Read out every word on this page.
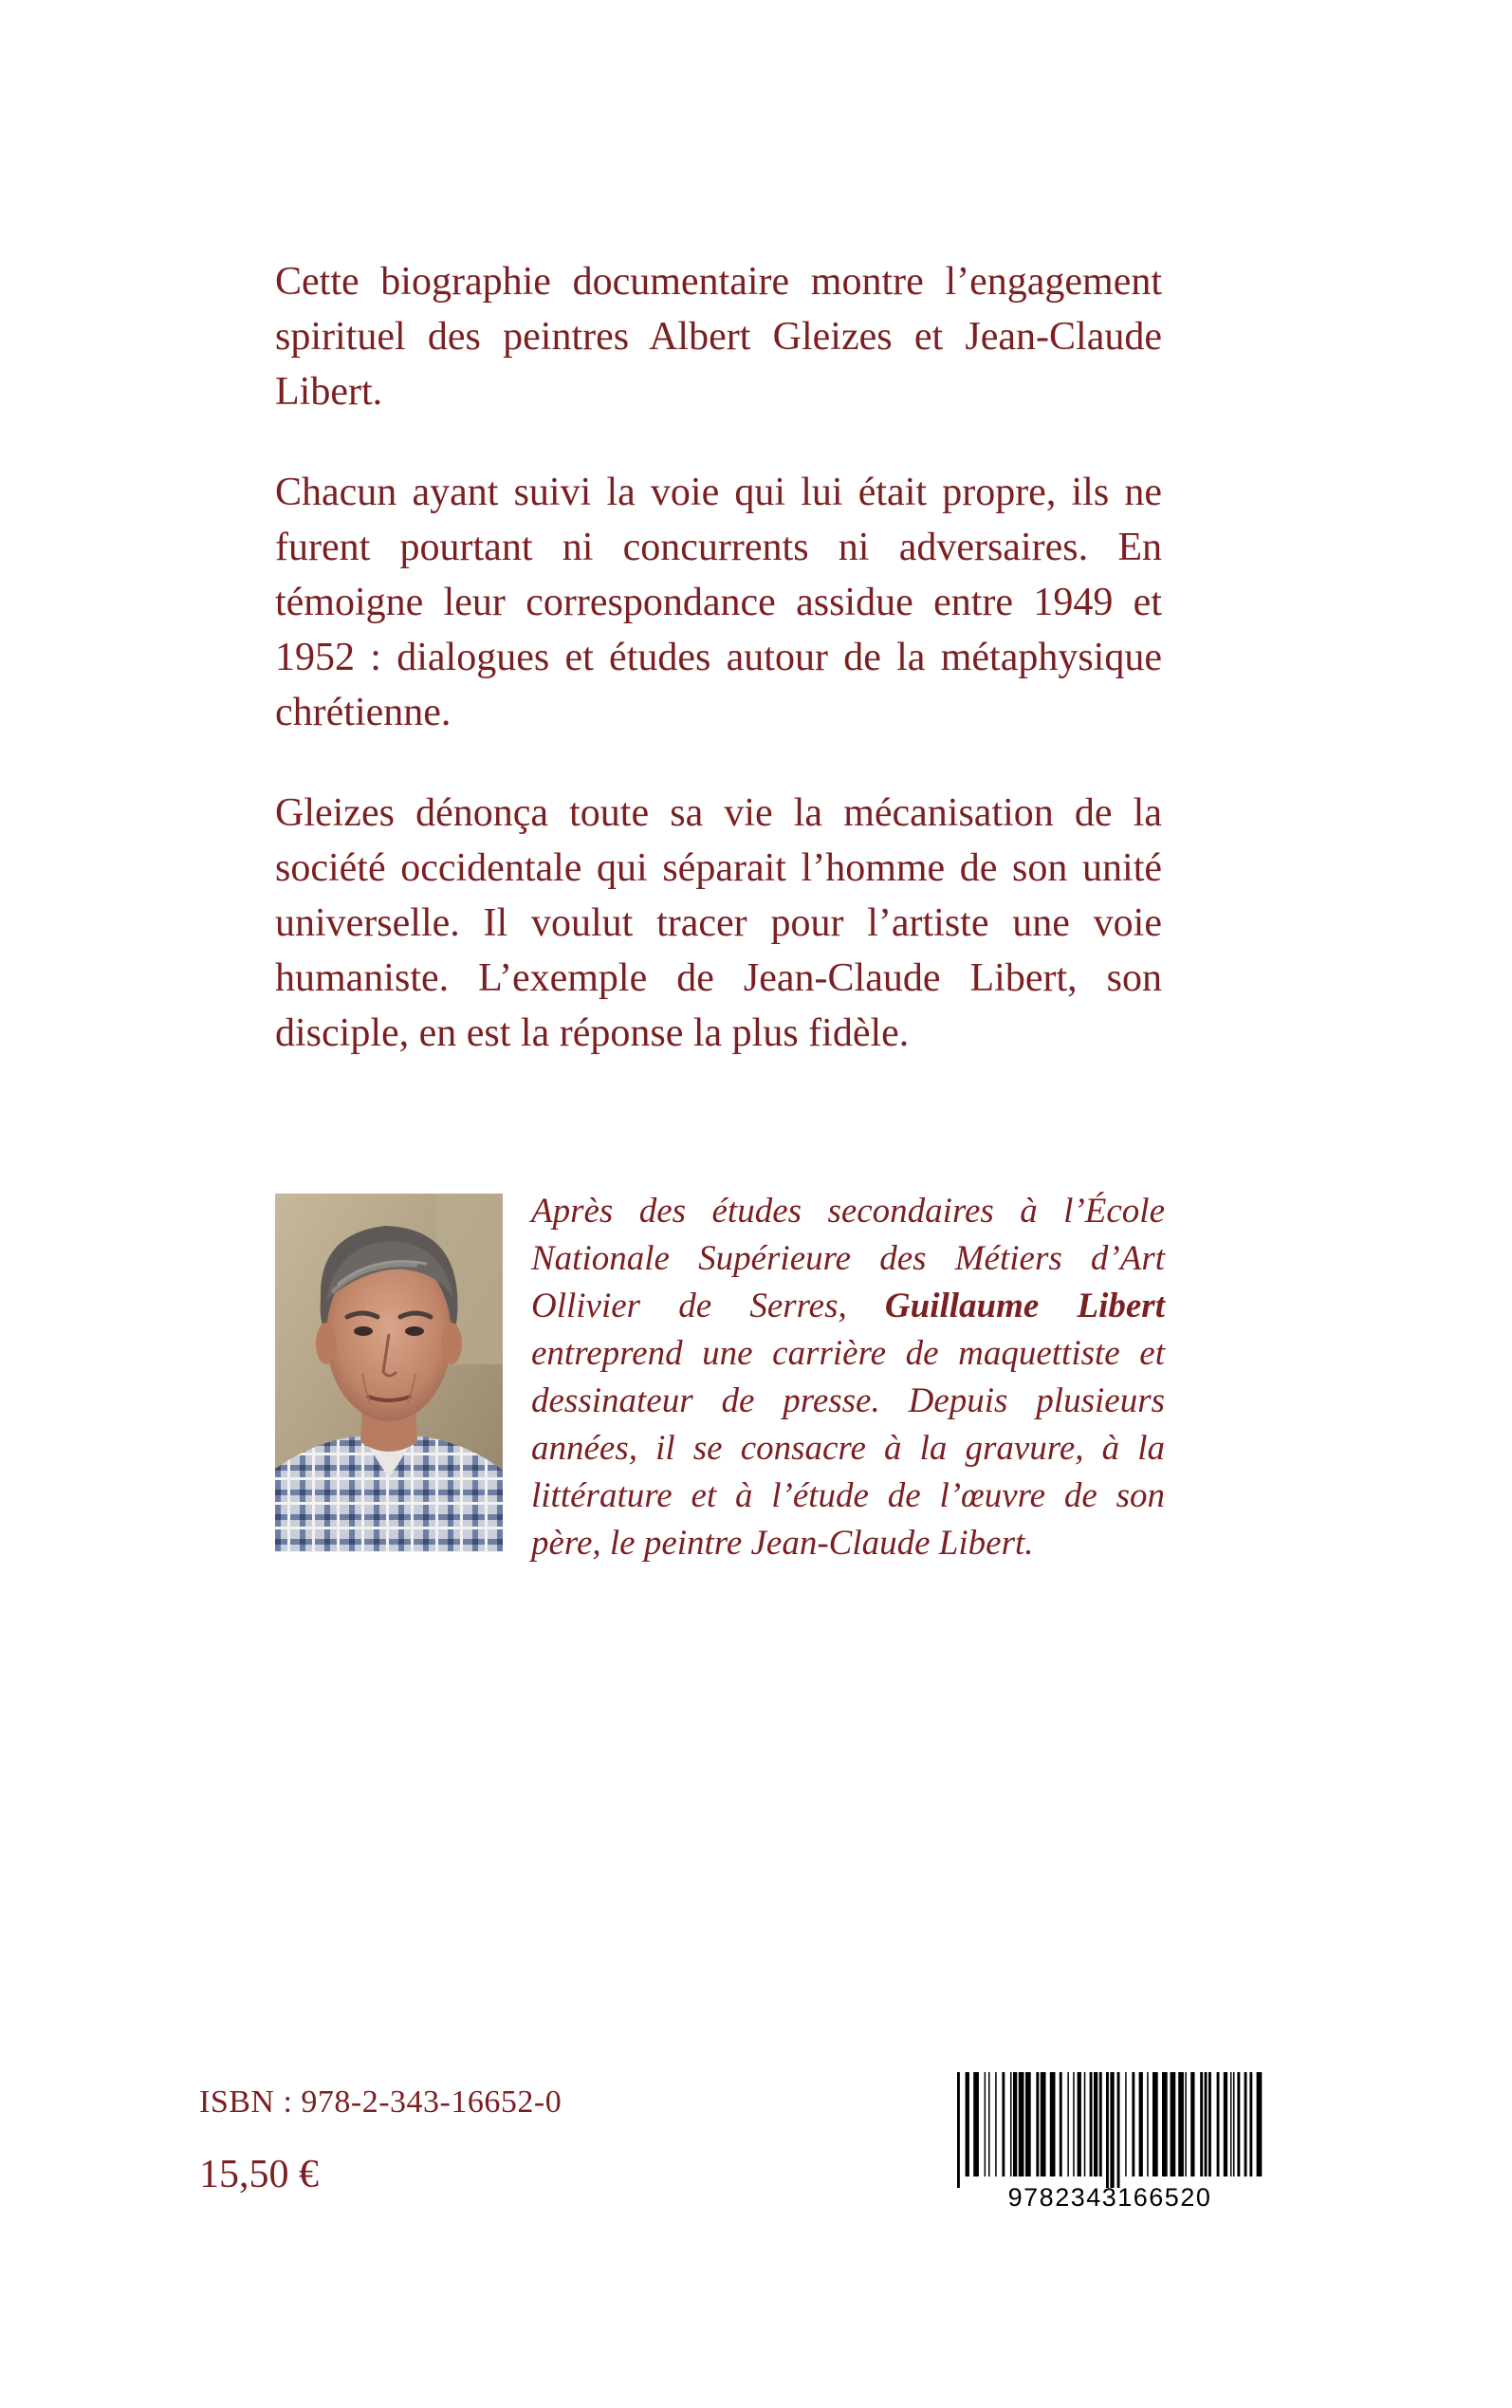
Cette biographie documentaire montre l’engagement spirituel des peintres Albert Gleizes et Jean-Claude Libert.

Chacun ayant suivi la voie qui lui était propre, ils ne furent pourtant ni concurrents ni adversaires. En témoigne leur correspondance assidue entre 1949 et 1952 : dialogues et études autour de la métaphysique chrétienne.

Gleizes dénonça toute sa vie la mécanisation de la société occidentale qui séparait l’homme de son unité universelle. Il voulut tracer pour l’artiste une voie humaniste. L’exemple de Jean-Claude Libert, son disciple, en est la réponse la plus fidèle.

Après des études secondaires à l’École Nationale Supérieure des Métiers d’Art Ollivier de Serres, Guillaume Libert entreprend une carrière de maquettiste et dessinateur de presse. Depuis plusieurs années, il se consacre à la gravure, à la littérature et à l’étude de l’œuvre de son père, le peintre Jean-Claude Libert.

ISBN : 978-2-343-16652-0
15,50 €
9782343166520
